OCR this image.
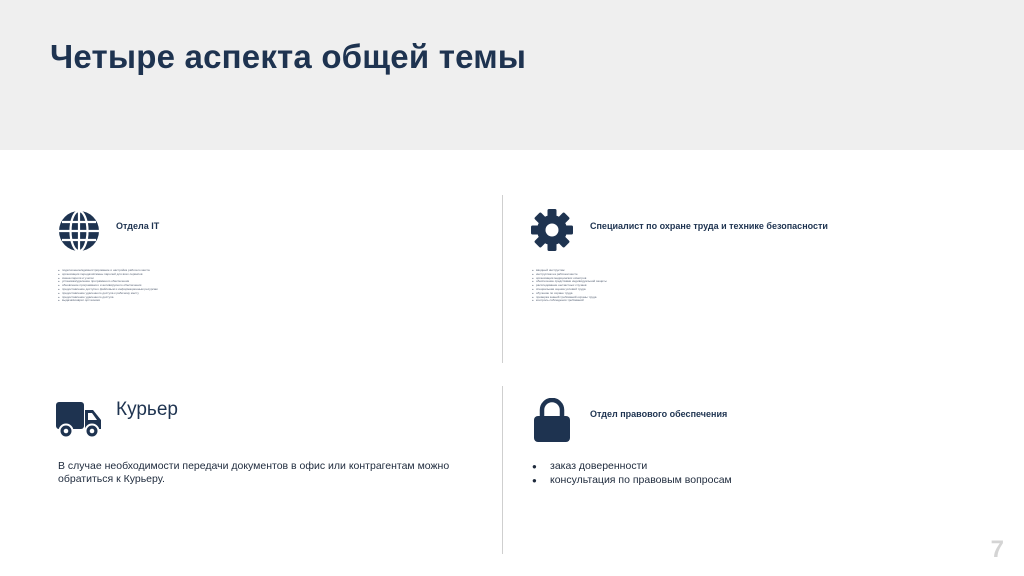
Четыре аспекта общей темы
Отдела IT
● подключение/администрирование и настройка рабочего места
● организация передачи/смены паролей для всех сервисов
● смена пароля и учетки
● установка/удаление программного обеспечения
● обновление программного и антивирусного обеспечения
● предоставление доступа к файловым и информационным ресурсам
● предоставление удаленного доступа к рабочему месту
● предоставление удаленного доступа
● выдача/возврат оргтехники
Специалист по охране труда и технике безопасности
● вводный инструктаж
● инструктаж на рабочем месте
● организация медицинских осмотров
● обеспечение средствами индивидуальной защиты
● расследование несчастных случаев
● специальная оценка условий труда
● обучение по охране труда
● проверка знаний требований охраны труда
● контроль соблюдения требований
Курьер

В случае необходимости передачи документов в офис или контрагентам можно обратиться к Курьеру.

Отдел правового обеспечения
● заказ доверенности
● консультация по правовым вопросам
7
